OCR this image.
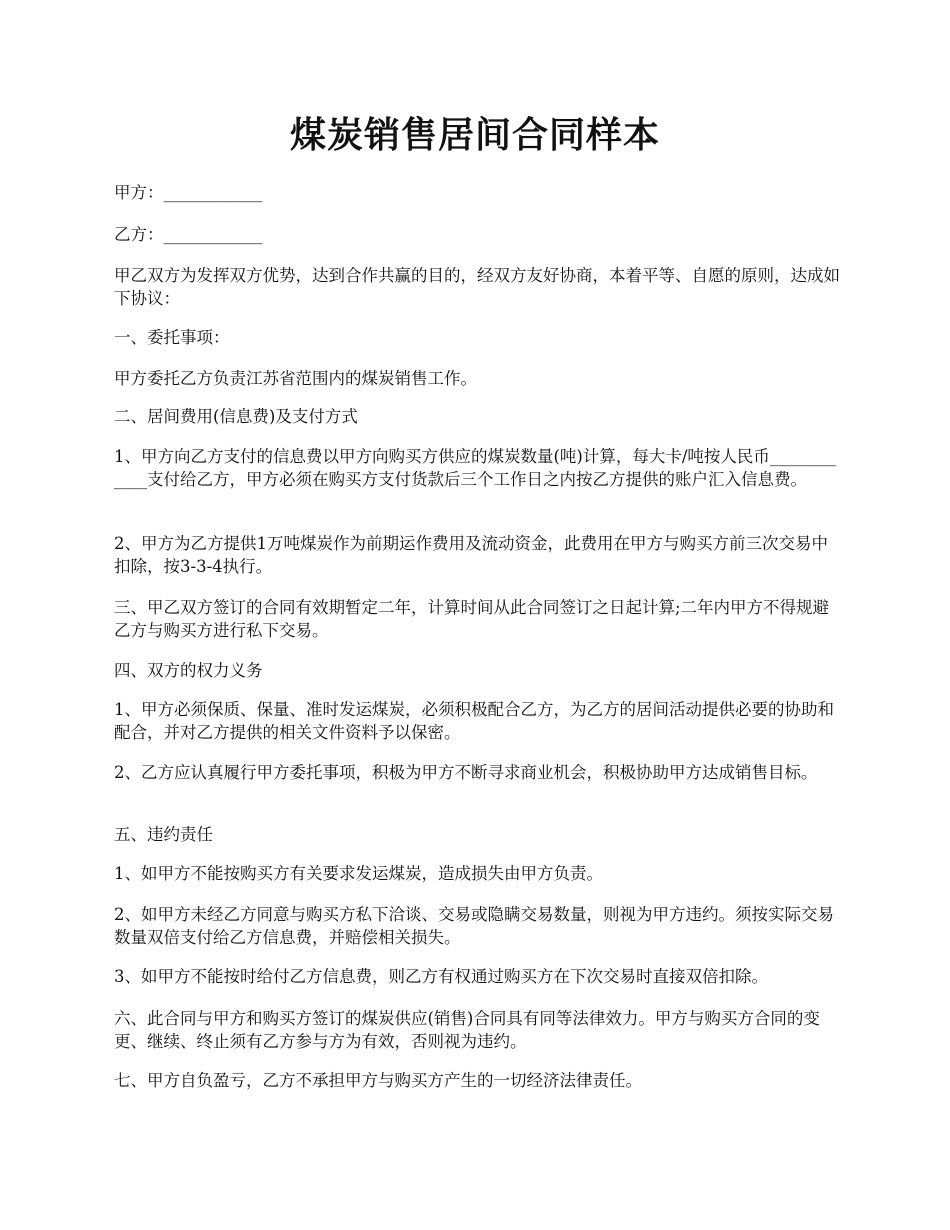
煤炭销售居间合同样本

甲方：____________

乙方：____________

甲乙双方为发挥双方优势，达到合作共赢的目的，经双方友好协商，本着平等、自愿的原则，达成如下协议：

一、委托事项：

甲方委托乙方负责江苏省范围内的煤炭销售工作。

二、居间费用(信息费)及支付方式

1、甲方向乙方支付的信息费以甲方向购买方供应的煤炭数量(吨)计算，每大卡/吨按人民币____________支付给乙方，甲方必须在购买方支付货款后三个工作日之内按乙方提供的账户汇入信息费。

2、甲方为乙方提供1万吨煤炭作为前期运作费用及流动资金，此费用在甲方与购买方前三次交易中扣除，按3-3-4执行。

三、甲乙双方签订的合同有效期暂定二年，计算时间从此合同签订之日起计算;二年内甲方不得规避乙方与购买方进行私下交易。

四、双方的权力义务

1、甲方必须保质、保量、准时发运煤炭，必须积极配合乙方，为乙方的居间活动提供必要的协助和配合，并对乙方提供的相关文件资料予以保密。

2、乙方应认真履行甲方委托事项，积极为甲方不断寻求商业机会，积极协助甲方达成销售目标。

五、违约责任

1、如甲方不能按购买方有关要求发运煤炭，造成损失由甲方负责。

2、如甲方未经乙方同意与购买方私下洽谈、交易或隐瞒交易数量，则视为甲方违约。须按实际交易数量双倍支付给乙方信息费，并赔偿相关损失。

3、如甲方不能按时给付乙方信息费，则乙方有权通过购买方在下次交易时直接双倍扣除。

六、此合同与甲方和购买方签订的煤炭供应(销售)合同具有同等法律效力。甲方与购买方合同的变更、继续、终止须有乙方参与方为有效，否则视为违约。

七、甲方自负盈亏，乙方不承担甲方与购买方产生的一切经济法律责任。
